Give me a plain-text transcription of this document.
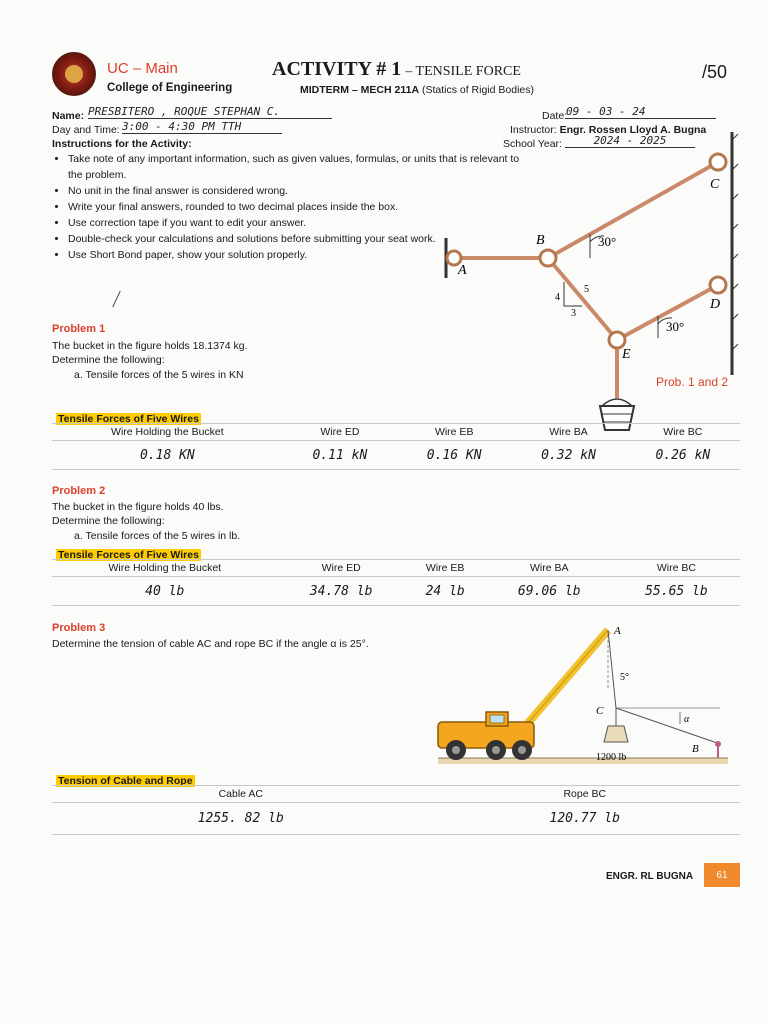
UC – Main
College of Engineering
ACTIVITY # 1 – TENSILE FORCE
MIDTERM – MECH 211A (Statics of Rigid Bodies)
/50
Name: PRESBITERO , ROQUE STEPHAN C.
Day and Time: 3:00 - 4:30 PM TTH
Date:
09 - 03 - 24
Instructor: Engr. Rossen Lloyd A. Bugna
School Year:	2024 - 2025
Instructions for the Activity:
• Take note of any important information, such as given values, formulas, or units that is relevant to the problem.
• No unit in the final answer is considered wrong.
• Write your final answers, rounded to two decimal places inside the box.
• Use correction tape if you want to edit your answer.
• Double-check your calculations and solutions before submitting your seat work.
• Use Short Bond paper, show your solution properly.
A
B
C
D
E
30°
30°
4
5
3
Prob. 1 and 2
Problem 1
The bucket in the figure holds 18.1374 kg.
Determine the following:
a. Tensile forces of the 5 wires in KN
Tensile Forces of Five Wires
Wire Holding the Bucket	Wire ED	Wire EB	Wire BA	Wire BC
0.18 KN	0.11 kN	0.16 KN	0.32 kN	0.26 kN
Problem 2
The bucket in the figure holds 40 lbs.
Determine the following:
a. Tensile forces of the 5 wires in lb.
Tensile Forces of Five Wires
Wire Holding the Bucket	Wire ED	Wire EB	Wire BA	Wire BC
40 lb	34.78 lb	24 lb	69.06 lb	55.65 lb
Problem 3
Determine the tension of cable AC and rope BC if the angle α is 25°.
A
C
B
5°
α
1200 lb
Tension of Cable and Rope
Cable AC	Rope BC
1255. 82 lb	120.77 lb
ENGR. RL BUGNA 61
